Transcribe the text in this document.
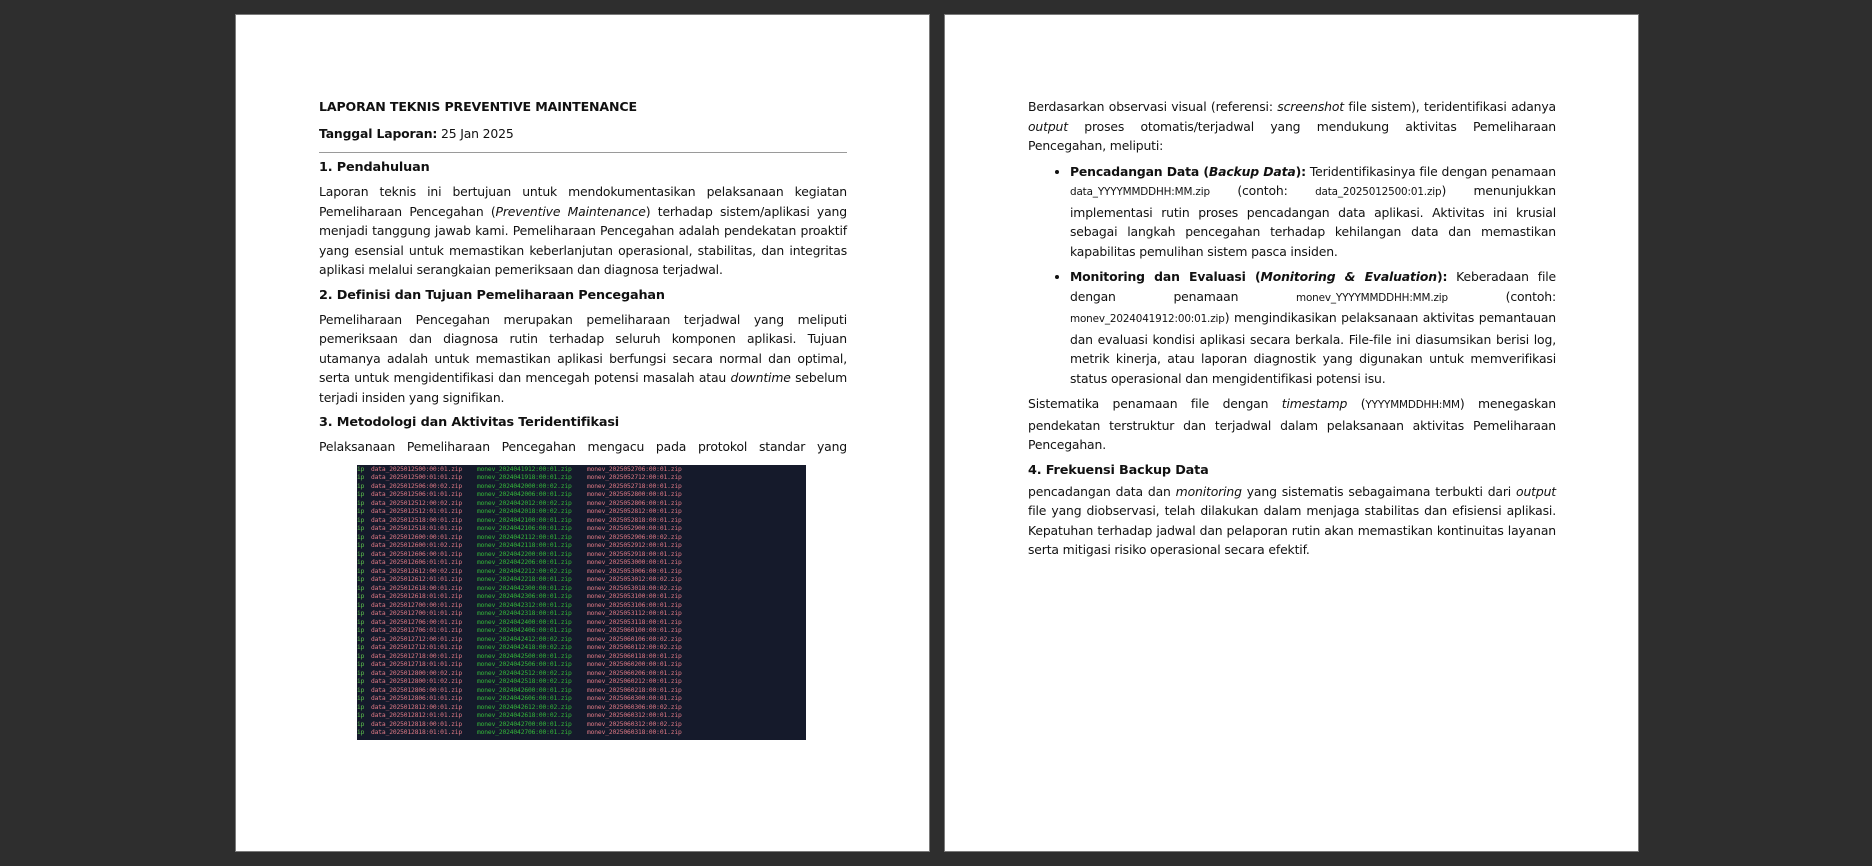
LAPORAN TEKNIS PREVENTIVE MAINTENANCE
Tanggal Laporan: 25 Jan 2025
1. Pendahuluan

Laporan teknis ini bertujuan untuk mendokumentasikan pelaksanaan kegiatan Pemeliharaan Pencegahan (Preventive Maintenance) terhadap sistem/aplikasi yang menjadi tanggung jawab kami. Pemeliharaan Pencegahan adalah pendekatan proaktif yang esensial untuk memastikan keberlanjutan operasional, stabilitas, dan integritas aplikasi melalui serangkaian pemeriksaan dan diagnosa terjadwal.

2. Definisi dan Tujuan Pemeliharaan Pencegahan

Pemeliharaan Pencegahan merupakan pemeliharaan terjadwal yang meliputi pemeriksaan dan diagnosa rutin terhadap seluruh komponen aplikasi. Tujuan utamanya adalah untuk memastikan aplikasi berfungsi secara normal dan optimal, serta untuk mengidentifikasi dan mencegah potensi masalah atau downtime sebelum terjadi insiden yang signifikan.

3. Metodologi dan Aktivitas Teridentifikasi

Pelaksanaan Pemeliharaan Pencegahan mengacu pada protokol standar yang

ip data_2025012500:00:01.zip monev_2024041912:00:01.zip monev_2025052706:00:01.zip
ip data_2025012500:01:01.zip monev_2024041918:00:01.zip monev_2025052712:00:01.zip
ip data_2025012506:00:02.zip monev_2024042000:00:02.zip monev_2025052718:00:01.zip
ip data_2025012506:01:01.zip monev_2024042006:00:01.zip monev_2025052800:00:01.zip
ip data_2025012512:00:02.zip monev_2024042012:00:02.zip monev_2025052806:00:01.zip
ip data_2025012512:01:01.zip monev_2024042018:00:02.zip monev_2025052812:00:01.zip
ip data_2025012518:00:01.zip monev_2024042100:00:01.zip monev_2025052818:00:01.zip
ip data_2025012518:01:01.zip monev_2024042106:00:01.zip monev_2025052900:00:01.zip
ip data_2025012600:00:01.zip monev_2024042112:00:01.zip monev_2025052906:00:02.zip
ip data_2025012600:01:02.zip monev_2024042118:00:01.zip monev_2025052912:00:01.zip
ip data_2025012606:00:01.zip monev_2024042200:00:01.zip monev_2025052918:00:01.zip
ip data_2025012606:01:01.zip monev_2024042206:00:01.zip monev_2025053000:00:01.zip
ip data_2025012612:00:02.zip monev_2024042212:00:02.zip monev_2025053006:00:01.zip
ip data_2025012612:01:01.zip monev_2024042218:00:01.zip monev_2025053012:00:02.zip
ip data_2025012618:00:01.zip monev_2024042300:00:01.zip monev_2025053018:00:02.zip
ip data_2025012618:01:01.zip monev_2024042306:00:01.zip monev_2025053100:00:01.zip
ip data_2025012700:00:01.zip monev_2024042312:00:01.zip monev_2025053106:00:01.zip
ip data_2025012700:01:01.zip monev_2024042318:00:01.zip monev_2025053112:00:01.zip
ip data_2025012706:00:01.zip monev_2024042400:00:01.zip monev_2025053118:00:01.zip
ip data_2025012706:01:01.zip monev_2024042406:00:01.zip monev_2025060100:00:01.zip
ip data_2025012712:00:01.zip monev_2024042412:00:02.zip monev_2025060106:00:02.zip
ip data_2025012712:01:01.zip monev_2024042418:00:02.zip monev_2025060112:00:02.zip
ip data_2025012718:00:01.zip monev_2024042500:00:01.zip monev_2025060118:00:01.zip
ip data_2025012718:01:01.zip monev_2024042506:00:01.zip monev_2025060200:00:01.zip
ip data_2025012800:00:02.zip monev_2024042512:00:02.zip monev_2025060206:00:01.zip
ip data_2025012800:01:02.zip monev_2024042518:00:02.zip monev_2025060212:00:01.zip
ip data_2025012806:00:01.zip monev_2024042600:00:01.zip monev_2025060218:00:01.zip
ip data_2025012806:01:01.zip monev_2024042606:00:01.zip monev_2025060300:00:01.zip
ip data_2025012812:00:01.zip monev_2024042612:00:02.zip monev_2025060306:00:02.zip
ip data_2025012812:01:01.zip monev_2024042618:00:02.zip monev_2025060312:00:01.zip
ip data_2025012818:00:01.zip monev_2024042700:00:01.zip monev_2025060312:00:02.zip
ip data_2025012818:01:01.zip monev_2024042706:00:01.zip monev_2025060318:00:01.zip

Berdasarkan observasi visual (referensi: screenshot file sistem), teridentifikasi adanya output proses otomatis/terjadwal yang mendukung aktivitas Pemeliharaan Pencegahan, meliputi:

• Pencadangan Data (Backup Data): Teridentifikasinya file dengan penamaan data_YYYYMMDDHH:MM.zip (contoh: data_2025012500:01.zip) menunjukkan implementasi rutin proses pencadangan data aplikasi. Aktivitas ini krusial sebagai langkah pencegahan terhadap kehilangan data dan memastikan kapabilitas pemulihan sistem pasca insiden.
• Monitoring dan Evaluasi (Monitoring & Evaluation): Keberadaan file dengan penamaan monev_YYYYMMDDHH:MM.zip (contoh: monev_2024041912:00:01.zip) mengindikasikan pelaksanaan aktivitas pemantauan dan evaluasi kondisi aplikasi secara berkala. File-file ini diasumsikan berisi log, metrik kinerja, atau laporan diagnostik yang digunakan untuk memverifikasi status operasional dan mengidentifikasi potensi isu.

Sistematika penamaan file dengan timestamp (YYYYMMDDHH:MM) menegaskan pendekatan terstruktur dan terjadwal dalam pelaksanaan aktivitas Pemeliharaan Pencegahan.

4. Frekuensi Backup Data

pencadangan data dan monitoring yang sistematis sebagaimana terbukti dari output file yang diobservasi, telah dilakukan dalam menjaga stabilitas dan efisiensi aplikasi. Kepatuhan terhadap jadwal dan pelaporan rutin akan memastikan kontinuitas layanan serta mitigasi risiko operasional secara efektif.
